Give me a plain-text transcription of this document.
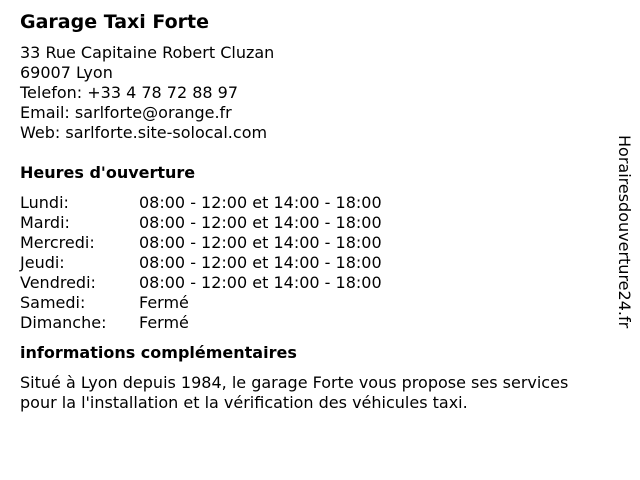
Garage Taxi Forte
33 Rue Capitaine Robert Cluzan
69007 Lyon
Telefon: +33 4 78 72 88 97
Email: sarlforte@orange.fr
Web: sarlforte.site-solocal.com
Heures d'ouverture
Lundi:	08:00 - 12:00 et 14:00 - 18:00
Mardi:	08:00 - 12:00 et 14:00 - 18:00
Mercredi:	08:00 - 12:00 et 14:00 - 18:00
Jeudi:	08:00 - 12:00 et 14:00 - 18:00
Vendredi:	08:00 - 12:00 et 14:00 - 18:00
Samedi:	Fermé
Dimanche:	Fermé
informations complémentaires

Situé à Lyon depuis 1984, le garage Forte vous propose ses services pour la l'installation et la vérification des véhicules taxi.

Horairesdouverture24.fr
